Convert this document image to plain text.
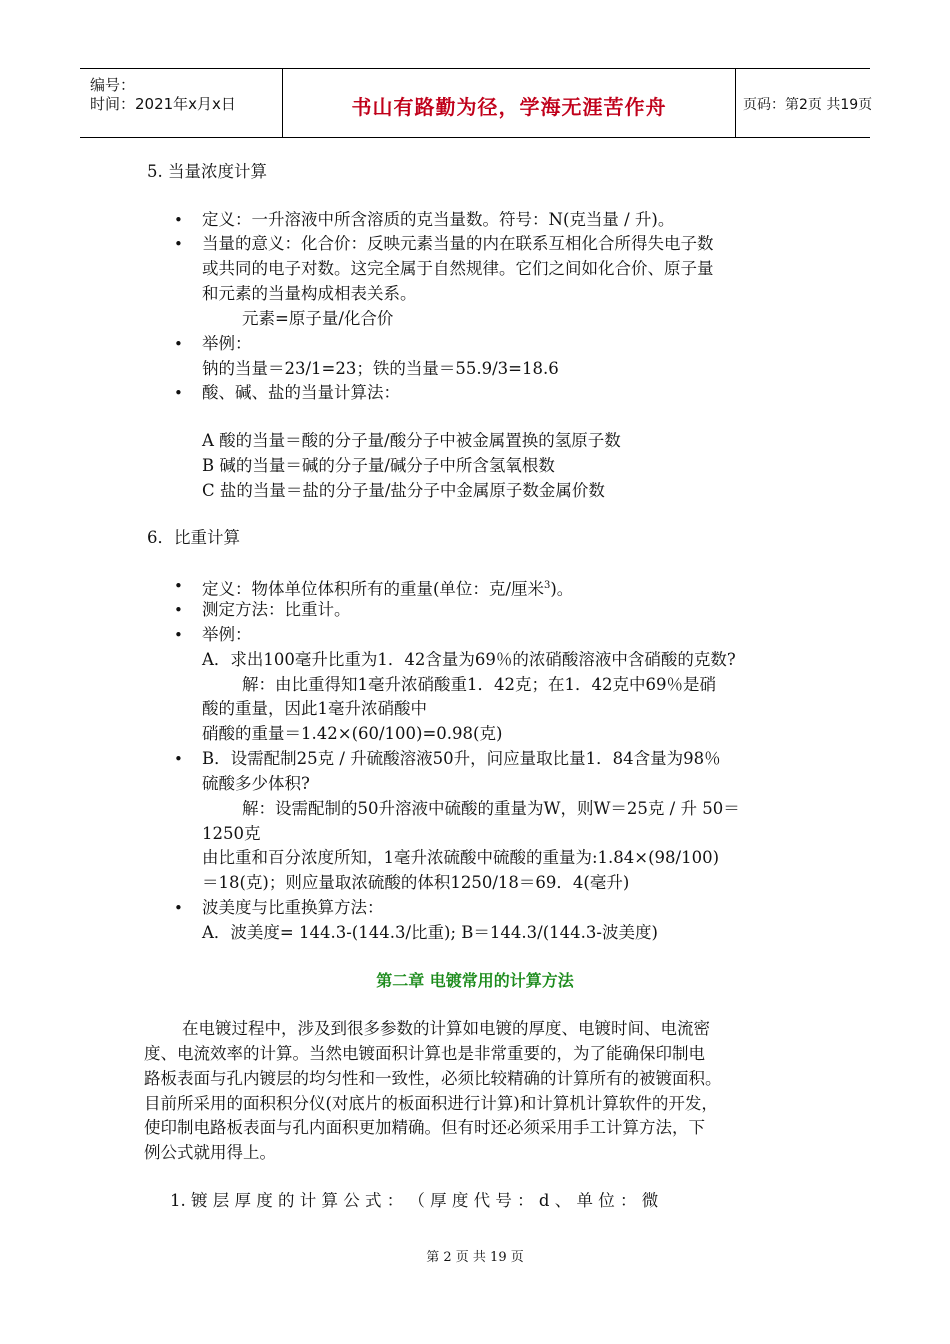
编号：
时间：2021年x月x日	书山有路勤为径，学海无涯苦作舟	页码：第2页 共19页
5. 当量浓度计算
• 定义：一升溶液中所含溶质的克当量数。符号：N(克当量 / 升)。
• 当量的意义：化合价：反映元素当量的内在联系互相化合所得失电子数
或共同的电子对数。这完全属于自然规律。它们之间如化合价、原子量
和元素的当量构成相表关系。
元素=原子量/化合价
• 举例：
钠的当量＝23/1=23；铁的当量＝55.9/3=18.6
• 酸、碱、盐的当量计算法：
A 酸的当量＝酸的分子量/酸分子中被金属置换的氢原子数
B 碱的当量＝碱的分子量/碱分子中所含氢氧根数
C 盐的当量＝盐的分子量/盐分子中金属原子数金属价数
6．比重计算
• 定义：物体单位体积所有的重量(单位：克/厘米$^3$)。
• 测定方法：比重计。
• 举例：
A．求出100毫升比重为1．42含量为69％的浓硝酸溶液中含硝酸的克数?
解：由比重得知1毫升浓硝酸重1．42克；在1．42克中69％是硝
酸的重量，因此1毫升浓硝酸中
硝酸的重量＝1.42×(60/100)=0.98(克)
• B．设需配制25克 / 升硫酸溶液50升，问应量取比量1．84含量为98％
硫酸多少体积?
解：设需配制的50升溶液中硫酸的重量为W，则W＝25克 / 升 50＝
1250克
由比重和百分浓度所知，1毫升浓硫酸中硫酸的重量为:1.84×(98/100)
＝18(克)；则应量取浓硫酸的体积1250/18＝69．4(毫升)
• 波美度与比重换算方法：
A．波美度= 144.3-(144.3/比重); B＝144.3/(144.3-波美度)
第二章 电镀常用的计算方法
在电镀过程中，涉及到很多参数的计算如电镀的厚度、电镀时间、电流密
度、电流效率的计算。当然电镀面积计算也是非常重要的，为了能确保印制电
路板表面与孔内镀层的均匀性和一致性，必须比较精确的计算所有的被镀面积。
目前所采用的面积积分仪(对底片的板面积进行计算)和计算机计算软件的开发，
使印制电路板表面与孔内面积更加精确。但有时还必须采用手工计算方法，下
例公式就用得上。
1. 镀 层 厚 度 的 计 算 公 式 ： （ 厚 度 代 号 ： d 、 单 位 ： 微
第 2 页 共 19 页
